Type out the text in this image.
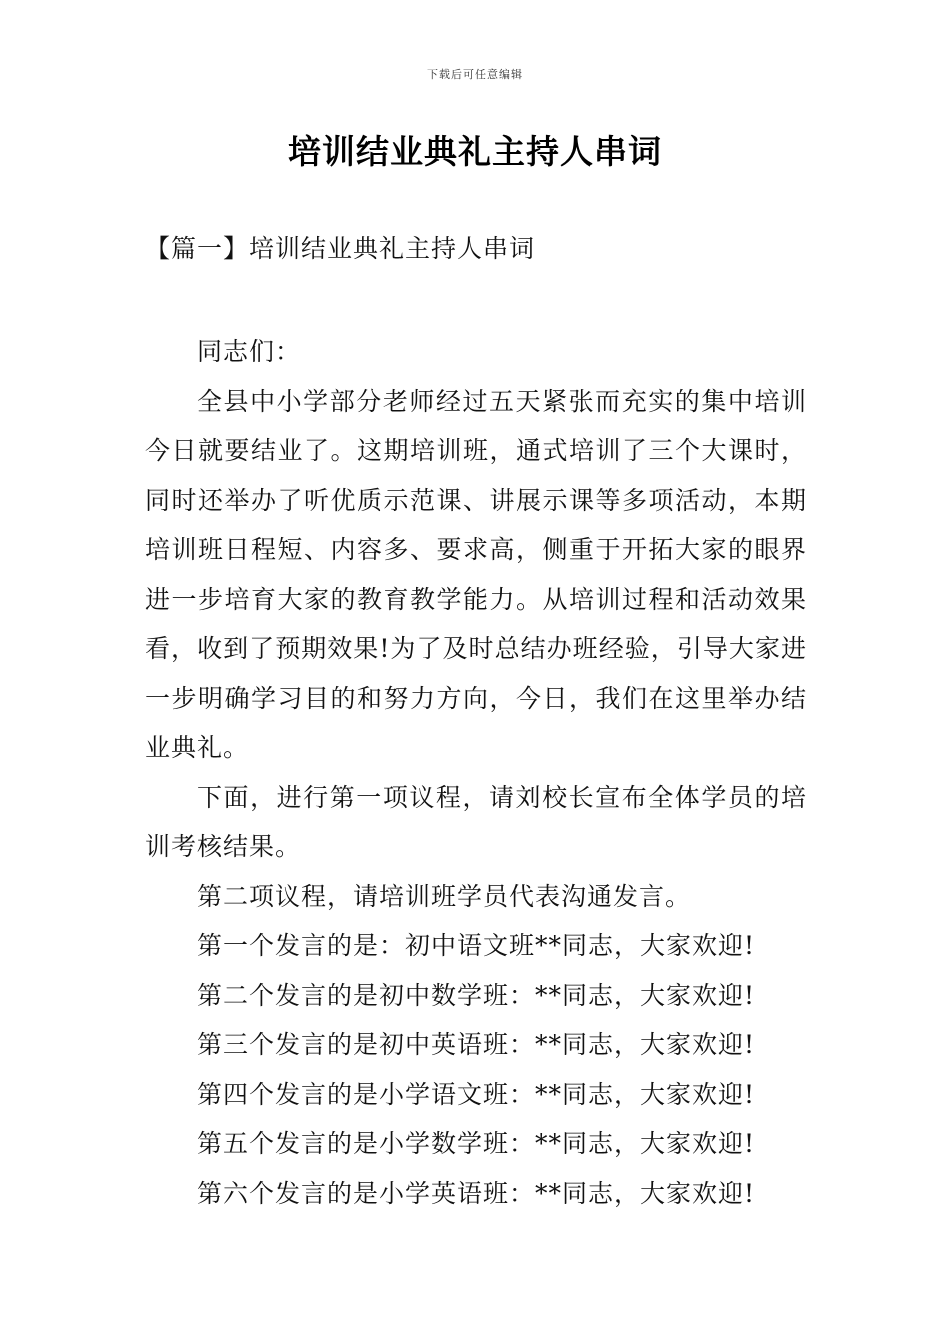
下载后可任意编辑
培训结业典礼主持人串词
【篇一】培训结业典礼主持人串词

同志们：

全县中小学部分老师经过五天紧张而充实的集中培训今日就要结业了。这期培训班，通式培训了三个大课时，同时还举办了听优质示范课、讲展示课等多项活动，本期培训班日程短、内容多、要求高，侧重于开拓大家的眼界进一步培育大家的教育教学能力。从培训过程和活动效果看，收到了预期效果!为了及时总结办班经验，引导大家进一步明确学习目的和努力方向，今日，我们在这里举办结业典礼。

下面，进行第一项议程，请刘校长宣布全体学员的培训考核结果。

第二项议程，请培训班学员代表沟通发言。

第一个发言的是：初中语文班**同志，大家欢迎!

第二个发言的是初中数学班：**同志，大家欢迎!

第三个发言的是初中英语班：**同志，大家欢迎!

第四个发言的是小学语文班：**同志，大家欢迎!

第五个发言的是小学数学班：**同志，大家欢迎!

第六个发言的是小学英语班：**同志，大家欢迎!
